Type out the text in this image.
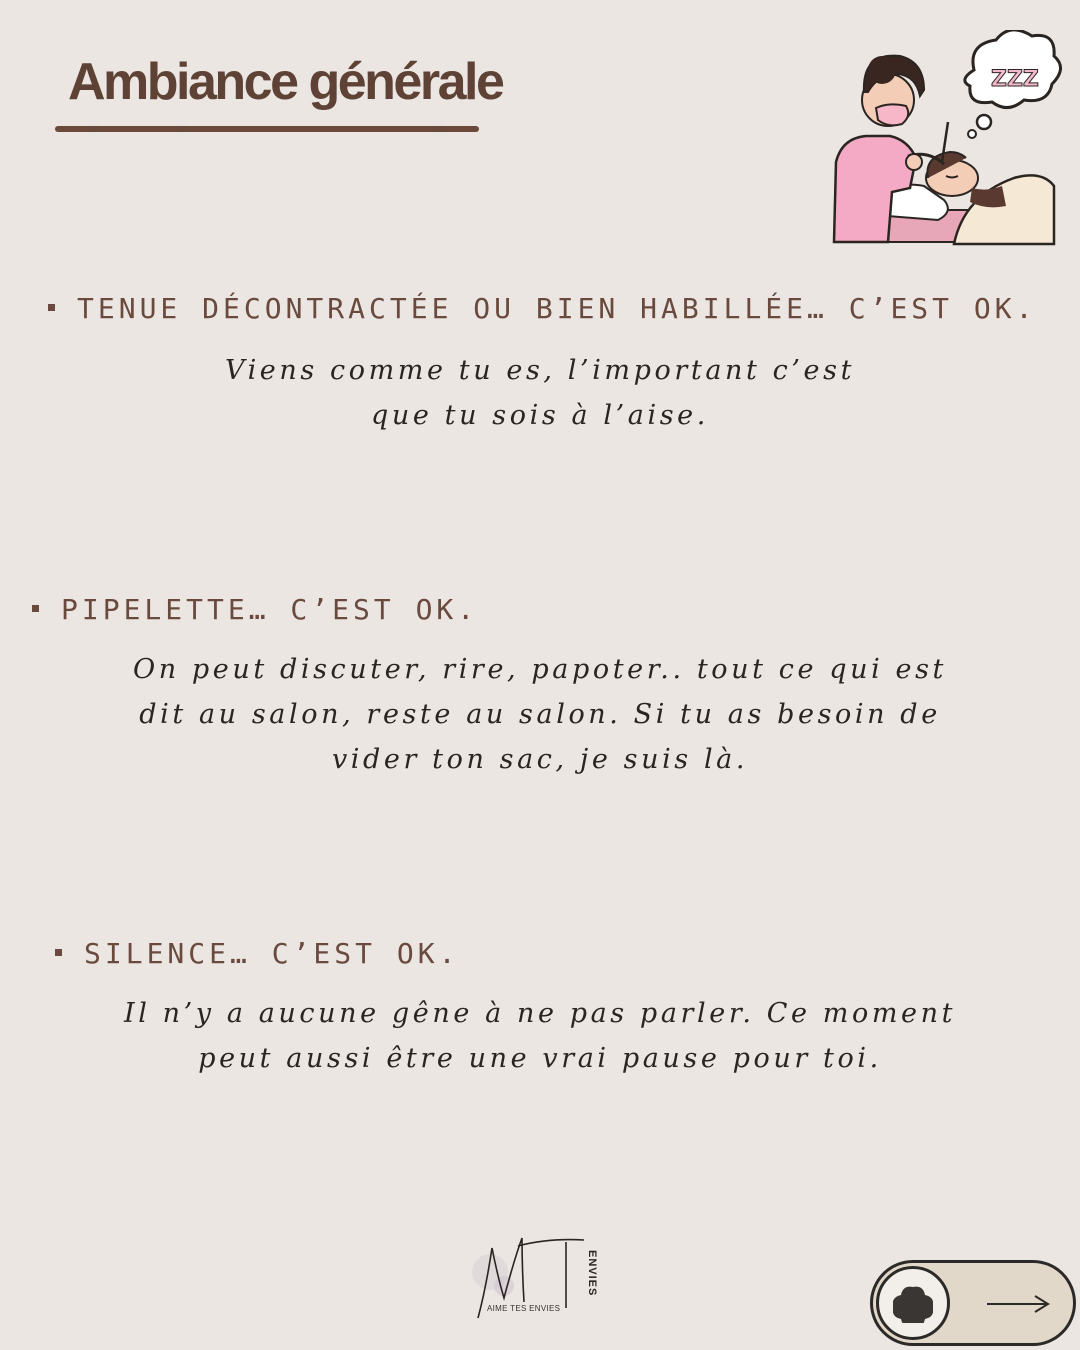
Ambiance générale
×	×	×
ZZZ
TENUE DÉCONTRACTÉE OU BIEN HABILLÉE… C’EST OK.
Viens comme tu es, l’important c’est
que tu sois à l’aise.
PIPELETTE… C’EST OK.
On peut discuter, rire, papoter.. tout ce qui est
dit au salon, reste au salon. Si tu as besoin de
vider ton sac, je suis là.
SILENCE… C’EST OK.
Il n’y a aucune gêne à ne pas parler. Ce moment
peut aussi être une vrai pause pour toi.
AIME TES ENVIES
ENVIES
